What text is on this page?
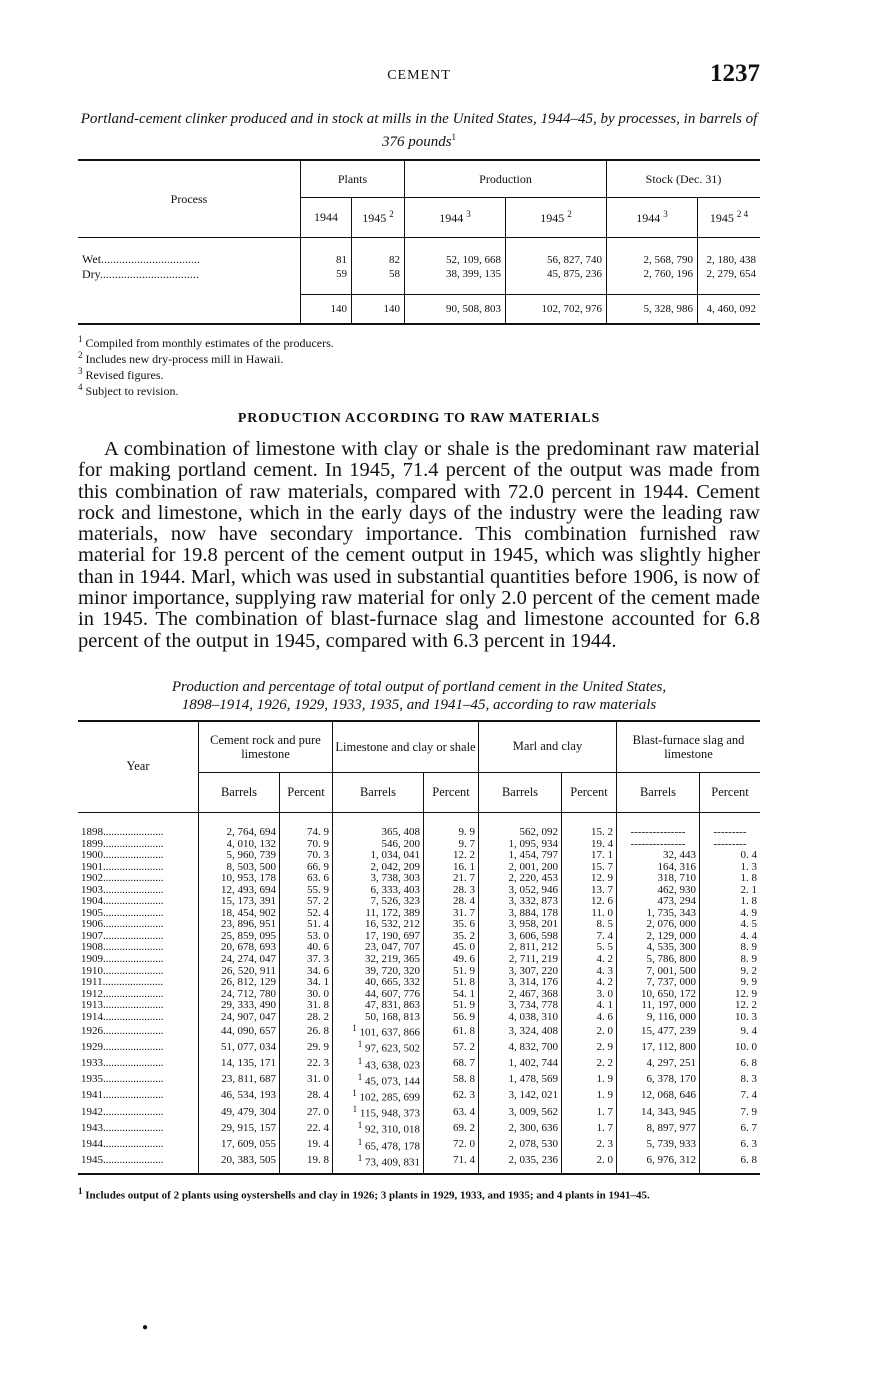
CEMENT	1237
Portland-cement clinker produced and in stock at mills in the United States, 1944–45, by processes, in barrels of 376 pounds$^1$
Process	Plants		Production		Stock (Dec. 31)	
	1944	1945 $^2$	1944 $^3$	1945 $^2$	1944 $^3$	1945 $^{2 4}$
Wet.................................	81	82	52, 109, 668	56, 827, 740	2, 568, 790	2, 180, 438
Dry.................................	59	58	38, 399, 135	45, 875, 236	2, 760, 196	2, 279, 654
	140	140	90, 508, 803	102, 702, 976	5, 328, 986	4, 460, 092
$^1$ Compiled from monthly estimates of the producers.
$^2$ Includes new dry-process mill in Hawaii.
$^3$ Revised figures.
$^4$ Subject to revision.
PRODUCTION ACCORDING TO RAW MATERIALS

A combination of limestone with clay or shale is the predominant raw material for making portland cement. In 1945, 71.4 percent of the output was made from this combination of raw materials, compared with 72.0 percent in 1944. Cement rock and limestone, which in the early days of the industry were the leading raw materials, now have secondary importance. This combination furnished raw material for 19.8 percent of the cement output in 1945, which was slightly higher than in 1944. Marl, which was used in substantial quantities before 1906, is now of minor importance, supplying raw material for only 2.0 percent of the cement made in 1945. The combination of blast-furnace slag and limestone accounted for 6.8 percent of the output in 1945, compared with 6.3 percent in 1944.

Production and percentage of total output of portland cement in the United States,
1898–1914, 1926, 1929, 1933, 1935, and 1941–45, according to raw materials
Year	Cement rock and pure limestone		Limestone and clay or shale		Marl and clay		Blast-furnace slag and limestone	
	Barrels	Percent	Barrels	Percent	Barrels	Percent	Barrels	Percent
1898......................	2, 764, 694	74. 9	365, 408	9. 9	562, 092	15. 2	---------------	---------
1899......................	4, 010, 132	70. 9	546, 200	9. 7	1, 095, 934	19. 4	---------------	---------
1900......................	5, 960, 739	70. 3	1, 034, 041	12. 2	1, 454, 797	17. 1	32, 443	0. 4
1901......................	8, 503, 500	66. 9	2, 042, 209	16. 1	2, 001, 200	15. 7	164, 316	1. 3
1902......................	10, 953, 178	63. 6	3, 738, 303	21. 7	2, 220, 453	12. 9	318, 710	1. 8
1903......................	12, 493, 694	55. 9	6, 333, 403	28. 3	3, 052, 946	13. 7	462, 930	2. 1
1904......................	15, 173, 391	57. 2	7, 526, 323	28. 4	3, 332, 873	12. 6	473, 294	1. 8
1905......................	18, 454, 902	52. 4	11, 172, 389	31. 7	3, 884, 178	11. 0	1, 735, 343	4. 9
1906......................	23, 896, 951	51. 4	16, 532, 212	35. 6	3, 958, 201	8. 5	2, 076, 000	4. 5
1907......................	25, 859, 095	53. 0	17, 190, 697	35. 2	3, 606, 598	7. 4	2, 129, 000	4. 4
1908......................	20, 678, 693	40. 6	23, 047, 707	45. 0	2, 811, 212	5. 5	4, 535, 300	8. 9
1909......................	24, 274, 047	37. 3	32, 219, 365	49. 6	2, 711, 219	4. 2	5, 786, 800	8. 9
1910......................	26, 520, 911	34. 6	39, 720, 320	51. 9	3, 307, 220	4. 3	7, 001, 500	9. 2
1911......................	26, 812, 129	34. 1	40, 665, 332	51. 8	3, 314, 176	4. 2	7, 737, 000	9. 9
1912......................	24, 712, 780	30. 0	44, 607, 776	54. 1	2, 467, 368	3. 0	10, 650, 172	12. 9
1913......................	29, 333, 490	31. 8	47, 831, 863	51. 9	3, 734, 778	4. 1	11, 197, 000	12. 2
1914......................	24, 907, 047	28. 2	50, 168, 813	56. 9	4, 038, 310	4. 6	9, 116, 000	10. 3
1926......................	44, 090, 657	26. 8	$^1$ 101, 637, 866	61. 8	3, 324, 408	2. 0	15, 477, 239	9. 4
1929......................	51, 077, 034	29. 9	$^1$ 97, 623, 502	57. 2	4, 832, 700	2. 9	17, 112, 800	10. 0
1933......................	14, 135, 171	22. 3	$^1$ 43, 638, 023	68. 7	1, 402, 744	2. 2	4, 297, 251	6. 8
1935......................	23, 811, 687	31. 0	$^1$ 45, 073, 144	58. 8	1, 478, 569	1. 9	6, 378, 170	8. 3
1941......................	46, 534, 193	28. 4	$^1$ 102, 285, 699	62. 3	3, 142, 021	1. 9	12, 068, 646	7. 4
1942......................	49, 479, 304	27. 0	$^1$ 115, 948, 373	63. 4	3, 009, 562	1. 7	14, 343, 945	7. 9
1943......................	29, 915, 157	22. 4	$^1$ 92, 310, 018	69. 2	2, 300, 636	1. 7	8, 897, 977	6. 7
1944......................	17, 609, 055	19. 4	$^1$ 65, 478, 178	72. 0	2, 078, 530	2. 3	5, 739, 933	6. 3
1945......................	20, 383, 505	19. 8	$^1$ 73, 409, 831	71. 4	2, 035, 236	2. 0	6, 976, 312	6. 8
$^1$ Includes output of 2 plants using oystershells and clay in 1926; 3 plants in 1929, 1933, and 1935; and 4 plants in 1941–45.
●
